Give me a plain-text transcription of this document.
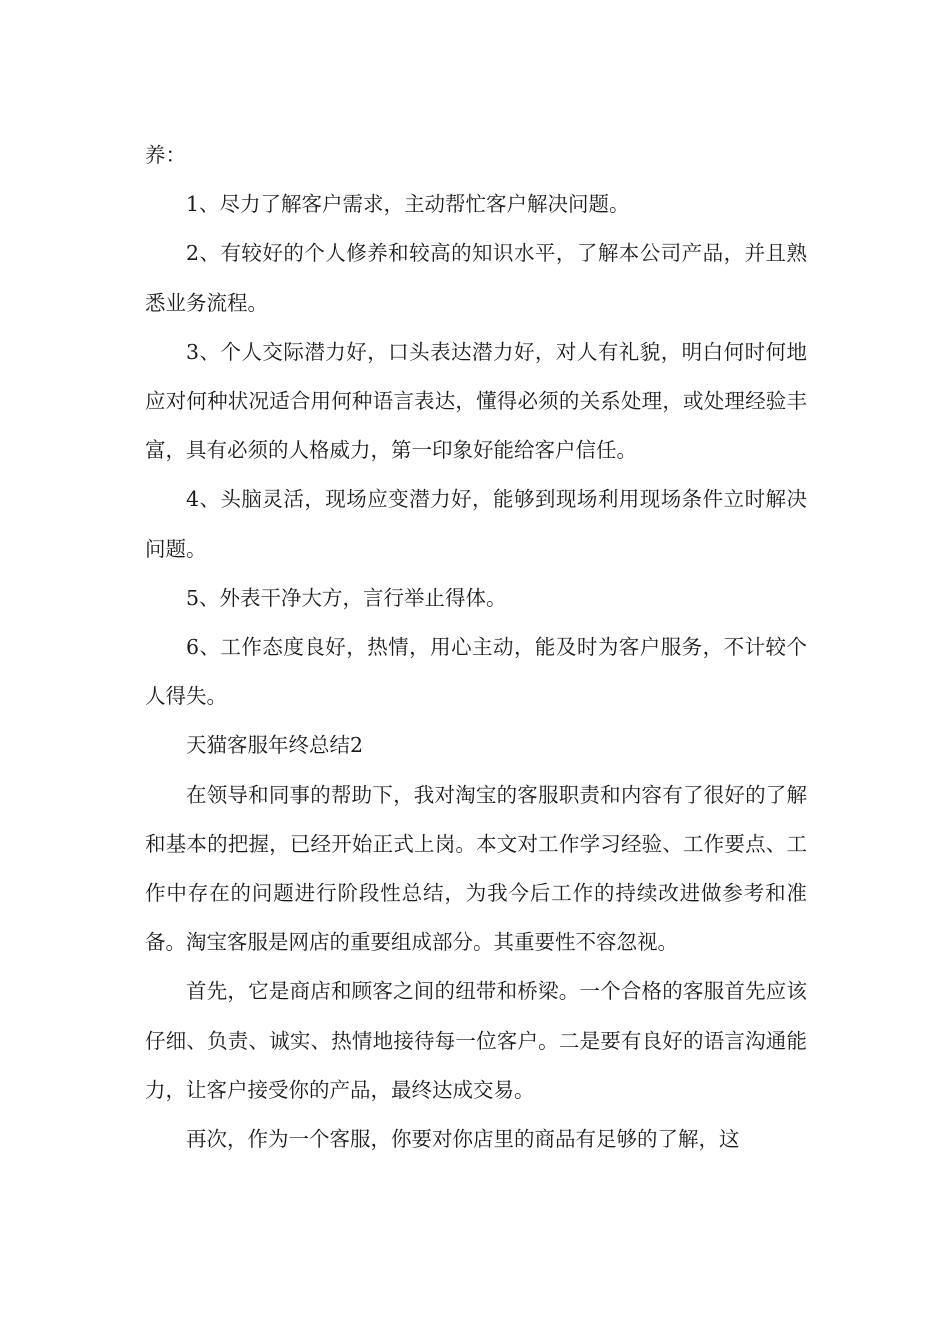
养：

1、尽力了解客户需求，主动帮忙客户解决问题。

2、有较好的个人修养和较高的知识水平，了解本公司产品，并且熟悉业务流程。

3、个人交际潜力好，口头表达潜力好，对人有礼貌，明白何时何地应对何种状况适合用何种语言表达，懂得必须的关系处理，或处理经验丰富，具有必须的人格威力，第一印象好能给客户信任。

4、头脑灵活，现场应变潜力好，能够到现场利用现场条件立时解决问题。

5、外表干净大方，言行举止得体。

6、工作态度良好，热情，用心主动，能及时为客户服务，不计较个人得失。

天猫客服年终总结2

在领导和同事的帮助下，我对淘宝的客服职责和内容有了很好的了解和基本的把握，已经开始正式上岗。本文对工作学习经验、工作要点、工作中存在的问题进行阶段性总结，为我今后工作的持续改进做参考和准备。淘宝客服是网店的重要组成部分。其重要性不容忽视。

首先，它是商店和顾客之间的纽带和桥梁。一个合格的客服首先应该仔细、负责、诚实、热情地接待每一位客户。二是要有良好的语言沟通能力，让客户接受你的产品，最终达成交易。

再次，作为一个客服，你要对你店里的商品有足够的了解，这
